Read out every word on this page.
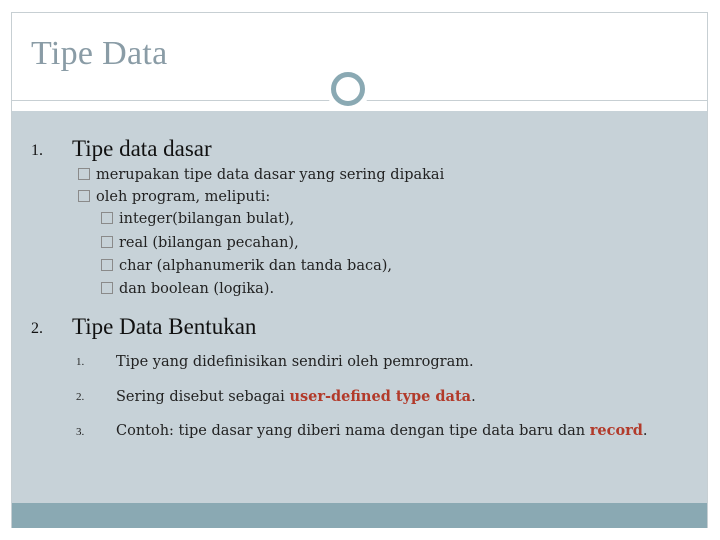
Tipe Data
1. Tipe data dasar
merupakan tipe data dasar yang sering dipakai
oleh program, meliputi:
integer(bilangan bulat),
real (bilangan pecahan),
char (alphanumerik dan tanda baca),
dan boolean (logika).
2. Tipe Data Bentukan
1. Tipe yang didefinisikan sendiri oleh pemrogram.
2. Sering disebut sebagai user-defined type data.
3. Contoh: tipe dasar yang diberi nama dengan tipe data baru dan record.
